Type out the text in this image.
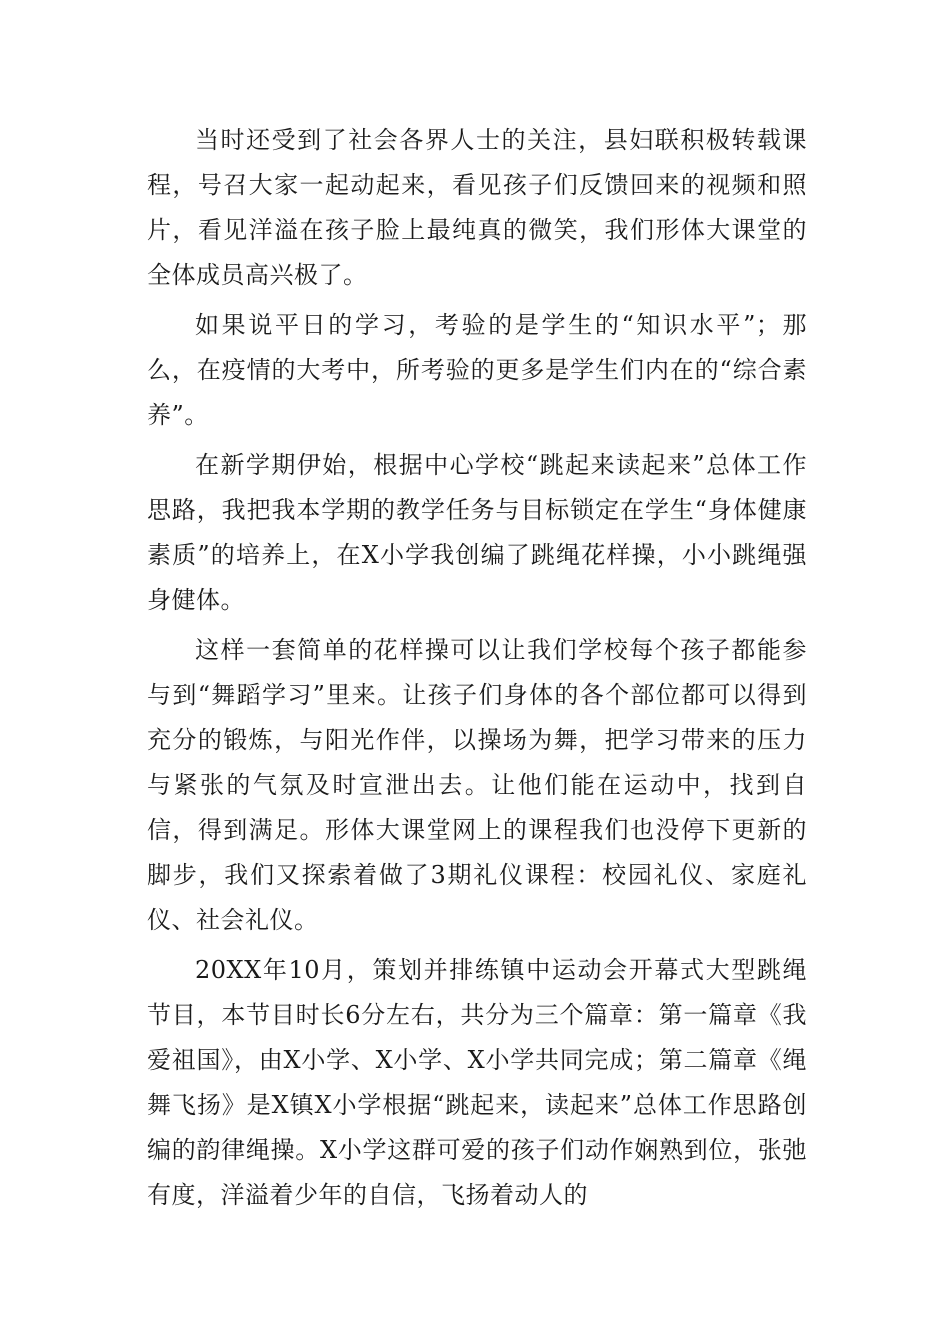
当时还受到了社会各界人士的关注，县妇联积极转载课程，号召大家一起动起来，看见孩子们反馈回来的视频和照片，看见洋溢在孩子脸上最纯真的微笑，我们形体大课堂的全体成员高兴极了。

如果说平日的学习，考验的是学生的“知识水平”；那么，在疫情的大考中，所考验的更多是学生们内在的“综合素养”。

在新学期伊始，根据中心学校“跳起来读起来”总体工作思路，我把我本学期的教学任务与目标锁定在学生“身体健康素质”的培养上，在X小学我创编了跳绳花样操，小小跳绳强身健体。

这样一套简单的花样操可以让我们学校每个孩子都能参与到“舞蹈学习”里来。让孩子们身体的各个部位都可以得到充分的锻炼，与阳光作伴，以操场为舞，把学习带来的压力与紧张的气氛及时宣泄出去。让他们能在运动中，找到自信，得到满足。形体大课堂网上的课程我们也没停下更新的脚步，我们又探索着做了3期礼仪课程：校园礼仪、家庭礼仪、社会礼仪。

20XX年10月，策划并排练镇中运动会开幕式大型跳绳节目，本节目时长6分左右，共分为三个篇章：第一篇章《我爱祖国》，由X小学、X小学、X小学共同完成；第二篇章《绳舞飞扬》是X镇X小学根据“跳起来，读起来”总体工作思路创编的韵律绳操。X小学这群可爱的孩子们动作娴熟到位，张弛有度，洋溢着少年的自信，飞扬着动人的
